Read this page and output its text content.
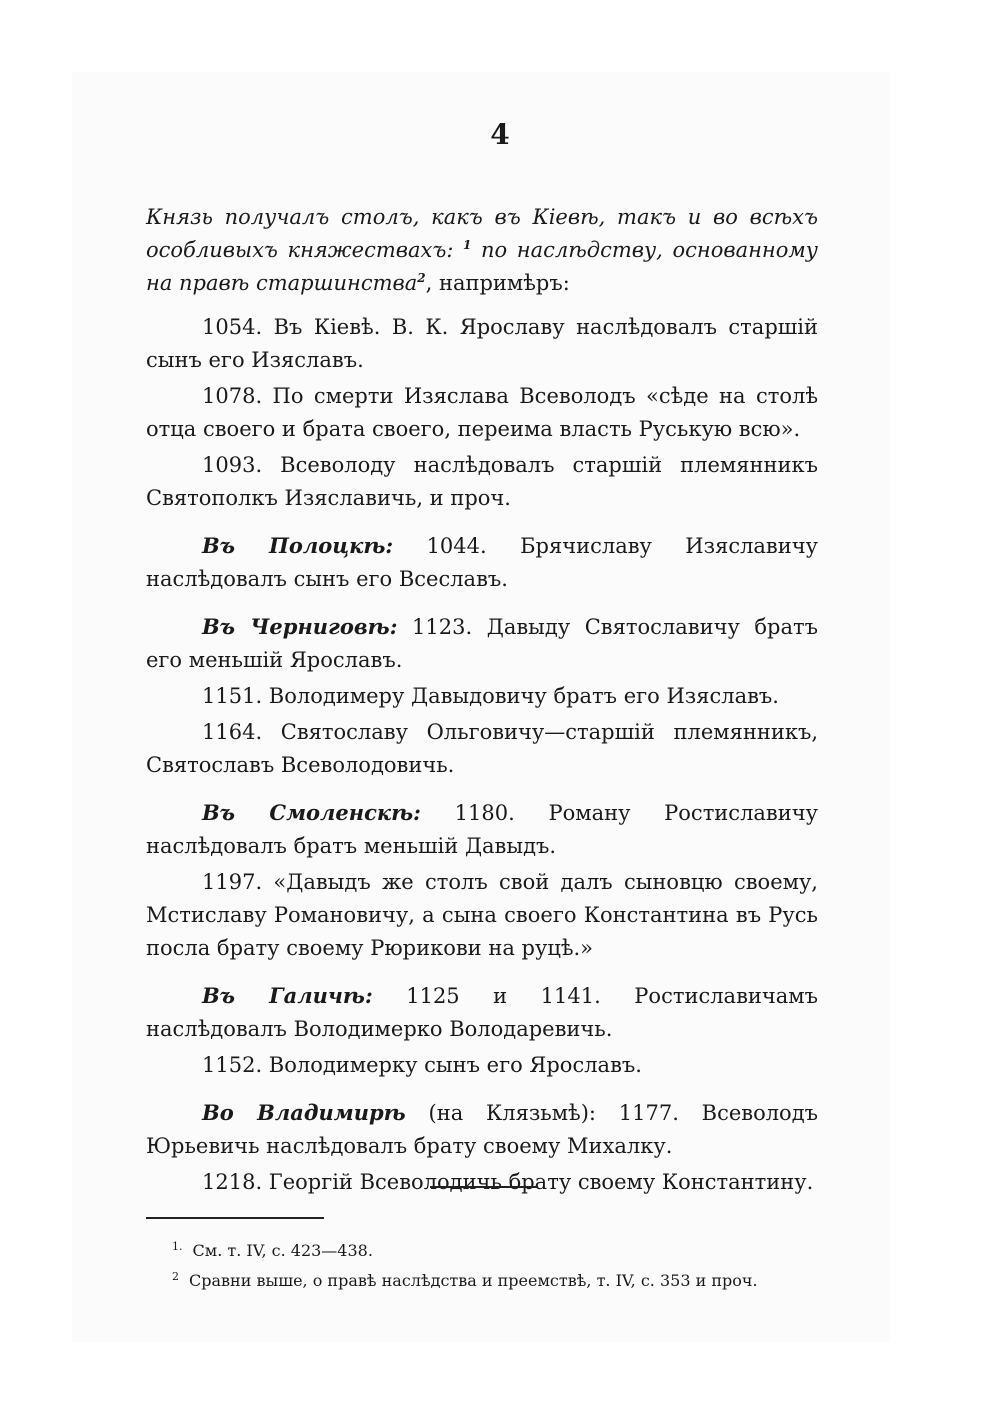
4

Князь получалъ столъ, какъ въ Кіевѣ, такъ и во всѣхъ особливыхъ княжествахъ: $^1$ по наслѣдству, основанному на правѣ старшинства$^2$, напримѣръ:

1054. Въ Кіевѣ. В. К. Ярославу наслѣдовалъ старшій сынъ его Изяславъ.

1078. По смерти Изяслава Всеволодъ «сѣде на столѣ отца своего и брата своего, переима власть Руськую всю».

1093. Всеволоду наслѣдовалъ старшій племянникъ Святополкъ Изяславичь, и проч.

Въ Полоцкѣ: 1044. Брячиславу Изяславичу наслѣдовалъ сынъ его Всеславъ.

Въ Черниговѣ: 1123. Давыду Святославичу братъ его меньшій Ярославъ.

1151. Володимеру Давыдовичу братъ его Изяславъ.

1164. Святославу Ольговичу—старшій племянникъ, Святославъ Всеволодовичь.

Въ Смоленскѣ: 1180. Роману Ростиславичу наслѣдовалъ братъ меньшій Давыдъ.

1197. «Давыдъ же столъ свой далъ сыновцю своему, Мстиславу Романовичу, а сына своего Константина въ Русь посла брату своему Рюрикови на руцѣ.»

Въ Галичѣ: 1125 и 1141. Ростиславичамъ наслѣдовалъ Володимерко Володаревичь.

1152. Володимерку сынъ его Ярославъ.

Во Владимирѣ (на Клязьмѣ): 1177. Всеволодъ Юрьевичь наслѣдовалъ брату своему Михалку.

1218. Георгій Всеволодичь брату своему Константину.

$^{1.}$ См. т. IV, с. 423—438.
$^2$ Сравни выше, о правѣ наслѣдства и преемствѣ, т. IV, с. 353 и проч.
